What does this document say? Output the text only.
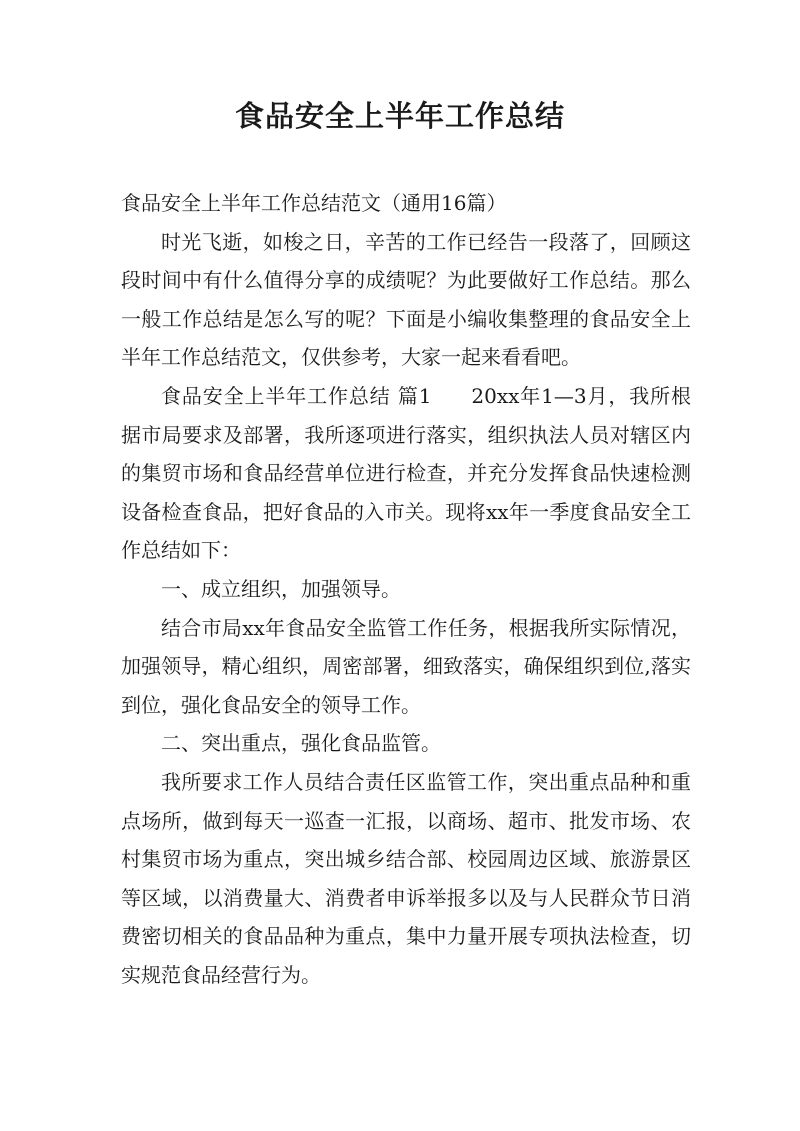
食品安全上半年工作总结

食品安全上半年工作总结范文（通用16篇）

时光飞逝，如梭之日，辛苦的工作已经告一段落了，回顾这段时间中有什么值得分享的成绩呢？为此要做好工作总结。那么一般工作总结是怎么写的呢？下面是小编收集整理的食品安全上半年工作总结范文，仅供参考，大家一起来看看吧。

食品安全上半年工作总结 篇1 20xx年1—3月，我所根据市局要求及部署，我所逐项进行落实，组织执法人员对辖区内的集贸市场和食品经营单位进行检查，并充分发挥食品快速检测设备检查食品，把好食品的入市关。现将xx年一季度食品安全工作总结如下：

一、成立组织，加强领导。

结合市局xx年食品安全监管工作任务，根据我所实际情况，加强领导，精心组织，周密部署，细致落实，确保组织到位,落实到位，强化食品安全的领导工作。

二、突出重点，强化食品监管。

我所要求工作人员结合责任区监管工作，突出重点品种和重点场所，做到每天一巡查一汇报，以商场、超市、批发市场、农村集贸市场为重点，突出城乡结合部、校园周边区域、旅游景区等区域，以消费量大、消费者申诉举报多以及与人民群众节日消费密切相关的食品品种为重点，集中力量开展专项执法检查，切实规范食品经营行为。
